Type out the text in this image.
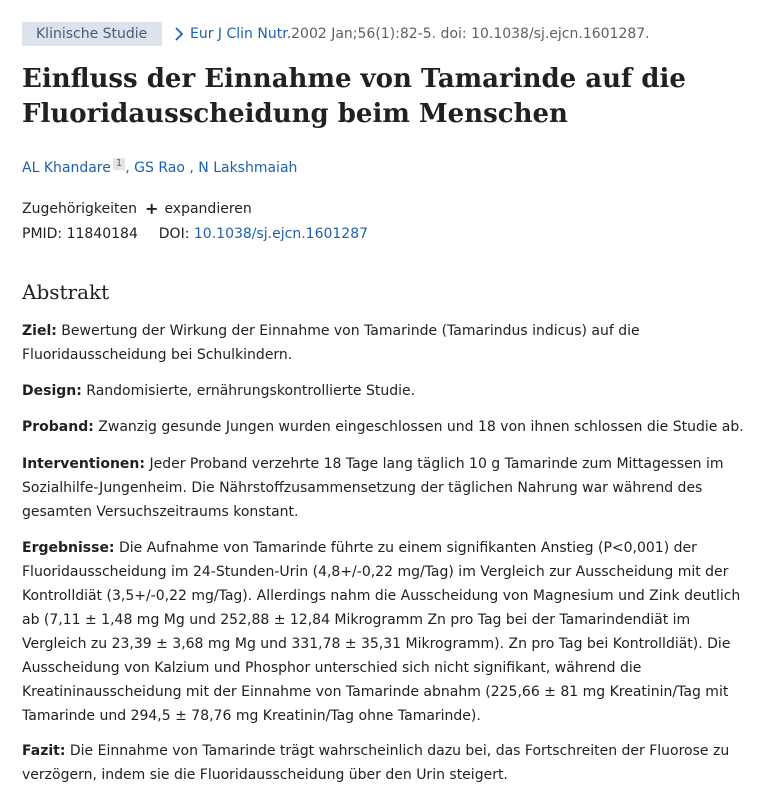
Klinische Studie	Eur J Clin Nutr. 2002 Jan;56(1):82-5. doi: 10.1038/sj.ejcn.1601287.
Einfluss der Einnahme von Tamarinde auf die Fluoridausscheidung beim Menschen
AL Khandare 1 , GS Rao , N Lakshmaiah
Zugehörigkeiten + expandieren
PMID: 11840184 DOI: 10.1038/sj.ejcn.1601287
Abstrakt

Ziel: Bewertung der Wirkung der Einnahme von Tamarinde (Tamarindus indicus) auf die Fluoridausscheidung bei Schulkindern.

Design: Randomisierte, ernährungskontrollierte Studie.

Proband: Zwanzig gesunde Jungen wurden eingeschlossen und 18 von ihnen schlossen die Studie ab.

Interventionen: Jeder Proband verzehrte 18 Tage lang täglich 10 g Tamarinde zum Mittagessen im Sozialhilfe-Jungenheim. Die Nährstoffzusammensetzung der täglichen Nahrung war während des gesamten Versuchszeitraums konstant.

Ergebnisse: Die Aufnahme von Tamarinde führte zu einem signifikanten Anstieg (P<0,001) der Fluoridausscheidung im 24-Stunden-Urin (4,8+/-0,22 mg/Tag) im Vergleich zur Ausscheidung mit der Kontrolldiät (3,5+/-0,22 mg/Tag). Allerdings nahm die Ausscheidung von Magnesium und Zink deutlich ab (7,11 ± 1,48 mg Mg und 252,88 ± 12,84 Mikrogramm Zn pro Tag bei der Tamarindendiät im Vergleich zu 23,39 ± 3,68 mg Mg und 331,78 ± 35,31 Mikrogramm). Zn pro Tag bei Kontrolldiät). Die Ausscheidung von Kalzium und Phosphor unterschied sich nicht signifikant, während die Kreatininausscheidung mit der Einnahme von Tamarinde abnahm (225,66 ± 81 mg Kreatinin/Tag mit Tamarinde und 294,5 ± 78,76 mg Kreatinin/Tag ohne Tamarinde).

Fazit: Die Einnahme von Tamarinde trägt wahrscheinlich dazu bei, das Fortschreiten der Fluorose zu verzögern, indem sie die Fluoridausscheidung über den Urin steigert.
